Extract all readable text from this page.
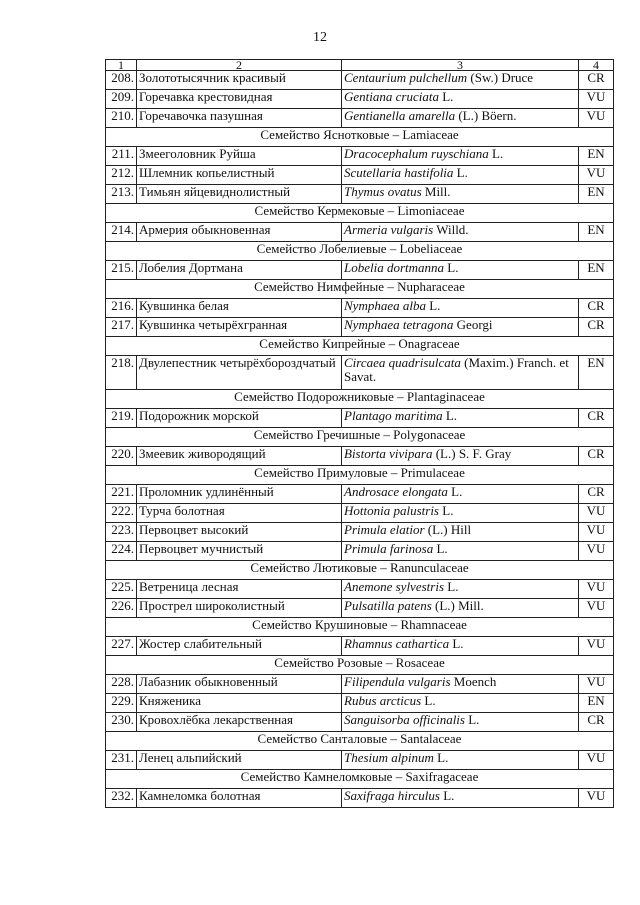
12
1	2	3	4
208.	Золототысячник красивый	Centaurium pulchellum (Sw.) Druce	CR
209.	Горечавка крестовидная	Gentiana cruciata L.	VU
210.	Горечавочка пазушная	Gentianella amarella (L.) Böern.	VU
Семейство Яснотковые – Lamiaceae			
211.	Змееголовник Руйша	Dracocephalum ruyschiana L.	EN
212.	Шлемник копьелистный	Scutellaria hastifolia L.	VU
213.	Тимьян яйцевиднолистный	Thymus ovatus Mill.	EN
Семейство Кермековые – Limoniaceae			
214.	Армерия обыкновенная	Armeria vulgaris Willd.	EN
Семейство Лобелиевые – Lobeliaceae			
215.	Лобелия Дортмана	Lobelia dortmanna L.	EN
Семейство Нимфейные – Nupharaceae			
216.	Кувшинка белая	Nymphaea alba L.	CR
217.	Кувшинка четырёхгранная	Nymphaea tetragona Georgi	CR
Семейство Кипрейные – Onagraceae			
218.	Двулепестник четырёхбороздчатый	Circaea quadrisulcata (Maxim.) Franch. et Savat.	EN
Семейство Подорожниковые – Plantaginaceae			
219.	Подорожник морской	Plantago maritima L.	CR
Семейство Гречишные – Polygonaceae			
220.	Змеевик живородящий	Bistorta vivipara (L.) S. F. Gray	CR
Семейство Примуловые – Primulaceae			
221.	Проломник удлинённый	Androsace elongata L.	CR
222.	Турча болотная	Hottonia palustris L.	VU
223.	Первоцвет высокий	Primula elatior (L.) Hill	VU
224.	Первоцвет мучнистый	Primula farinosa L.	VU
Семейство Лютиковые – Ranunculaceae			
225.	Ветреница лесная	Anemone sylvestris L.	VU
226.	Прострел широколистный	Pulsatilla patens (L.) Mill.	VU
Семейство Крушиновые – Rhamnaceae			
227.	Жостер слабительный	Rhamnus cathartica L.	VU
Семейство Розовые – Rosaceae			
228.	Лабазник обыкновенный	Filipendula vulgaris Moench	VU
229.	Княженика	Rubus arcticus L.	EN
230.	Кровохлёбка лекарственная	Sanguisorba officinalis L.	CR
Семейство Санталовые – Santalaceae			
231.	Ленец альпийский	Thesium alpinum L.	VU
Семейство Камнеломковые – Saxifragaceae			
232.	Камнеломка болотная	Saxifraga hirculus L.	VU
